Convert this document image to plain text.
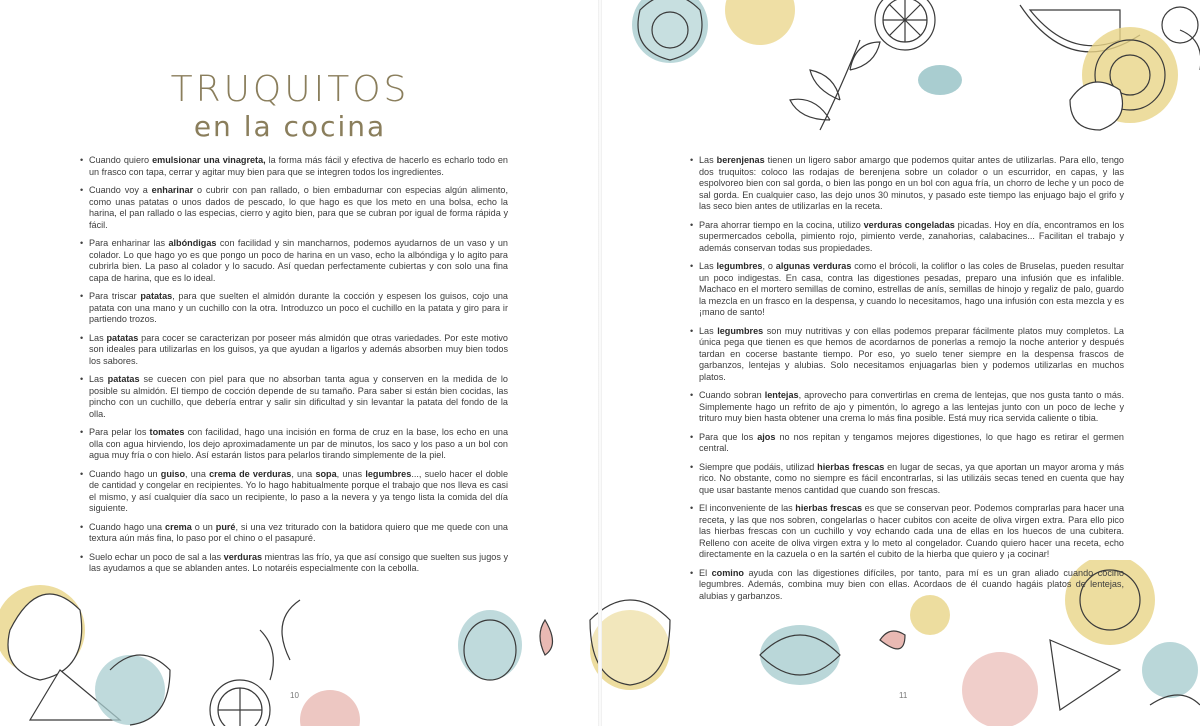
TRUQUITOS
en la cocina
• Cuando quiero emulsionar una vinagreta, la forma más fácil y efectiva de hacerlo es echarlo todo en un frasco con tapa, cerrar y agitar muy bien para que se integren todos los ingredientes.
• Cuando voy a enharinar o cubrir con pan rallado, o bien embadurnar con especias algún alimento, como unas patatas o unos dados de pescado, lo que hago es que los meto en una bolsa, echo la harina, el pan rallado o las especias, cierro y agito bien, para que se cubran por igual de forma rápida y fácil.
• Para enharinar las albóndigas con facilidad y sin mancharnos, podemos ayudarnos de un vaso y un colador. Lo que hago yo es que pongo un poco de harina en un vaso, echo la albóndiga y lo agito para cubrirla bien. La paso al colador y lo sacudo. Así quedan perfectamente cubiertas y con solo una fina capa de harina, que es lo ideal.
• Para triscar patatas, para que suelten el almidón durante la cocción y espesen los guisos, cojo una patata con una mano y un cuchillo con la otra. Introduzco un poco el cuchillo en la patata y giro para ir partiendo trozos.
• Las patatas para cocer se caracterizan por poseer más almidón que otras variedades. Por este motivo son ideales para utilizarlas en los guisos, ya que ayudan a ligarlos y además absorben muy bien todos los sabores.
• Las patatas se cuecen con piel para que no absorban tanta agua y conserven en la medida de lo posible su almidón. El tiempo de cocción depende de su tamaño. Para saber si están bien cocidas, las pincho con un cuchillo, que debería entrar y salir sin dificultad y sin levantar la patata del fondo de la olla.
• Para pelar los tomates con facilidad, hago una incisión en forma de cruz en la base, los echo en una olla con agua hirviendo, los dejo aproximadamente un par de minutos, los saco y los paso a un bol con agua muy fría o con hielo. Así estarán listos para pelarlos tirando simplemente de la piel.
• Cuando hago un guiso, una crema de verduras, una sopa, unas legumbres..., suelo hacer el doble de cantidad y congelar en recipientes. Yo lo hago habitualmente porque el trabajo que nos lleva es casi el mismo, y así cualquier día saco un recipiente, lo paso a la nevera y ya tengo lista la comida del día siguiente.
• Cuando hago una crema o un puré, si una vez triturado con la batidora quiero que me quede con una textura aún más fina, lo paso por el chino o el pasapuré.
• Suelo echar un poco de sal a las verduras mientras las frío, ya que así consigo que suelten sus jugos y las ayudamos a que se ablanden antes. Lo notaréis especialmente con la cebolla.
• Las berenjenas tienen un ligero sabor amargo que podemos quitar antes de utilizarlas. Para ello, tengo dos truquitos: coloco las rodajas de berenjena sobre un colador o un escurridor, en capas, y las espolvoreo bien con sal gorda, o bien las pongo en un bol con agua fría, un chorro de leche y un poco de sal gorda. En cualquier caso, las dejo unos 30 minutos, y pasado este tiempo las enjuago bajo el grifo y las seco bien antes de utilizarlas en la receta.
• Para ahorrar tiempo en la cocina, utilizo verduras congeladas picadas. Hoy en día, encontramos en los supermercados cebolla, pimiento rojo, pimiento verde, zanahorias, calabacines... Facilitan el trabajo y además conservan todas sus propiedades.
• Las legumbres, o algunas verduras como el brócoli, la coliflor o las coles de Bruselas, pueden resultar un poco indigestas. En casa, contra las digestiones pesadas, preparo una infusión que es infalible. Machaco en el mortero semillas de comino, estrellas de anís, semillas de hinojo y regaliz de palo, guardo la mezcla en un frasco en la despensa, y cuando lo necesitamos, hago una infusión con esta mezcla y es ¡mano de santo!
• Las legumbres son muy nutritivas y con ellas podemos preparar fácilmente platos muy completos. La única pega que tienen es que hemos de acordarnos de ponerlas a remojo la noche anterior y después tardan en cocerse bastante tiempo. Por eso, yo suelo tener siempre en la despensa frascos de garbanzos, lentejas y alubias. Solo necesitamos enjuagarlas bien y podemos utilizarlas en muchos platos.
• Cuando sobran lentejas, aprovecho para convertirlas en crema de lentejas, que nos gusta tanto o más. Simplemente hago un refrito de ajo y pimentón, lo agrego a las lentejas junto con un poco de leche y trituro muy bien hasta obtener una crema lo más fina posible. Está muy rica servida caliente o tibia.
• Para que los ajos no nos repitan y tengamos mejores digestiones, lo que hago es retirar el germen central.
• Siempre que podáis, utilizad hierbas frescas en lugar de secas, ya que aportan un mayor aroma y más rico. No obstante, como no siempre es fácil encontrarlas, si las utilizáis secas tened en cuenta que hay que usar bastante menos cantidad que cuando son frescas.
• El inconveniente de las hierbas frescas es que se conservan peor. Podemos comprarlas para hacer una receta, y las que nos sobren, congelarlas o hacer cubitos con aceite de oliva virgen extra. Para ello pico las hierbas frescas con un cuchillo y voy echando cada una de ellas en los huecos de una cubitera. Relleno con aceite de oliva virgen extra y lo meto al congelador. Cuando quiero hacer una receta, echo directamente en la cazuela o en la sartén el cubito de la hierba que quiero y ¡a cocinar!
• El comino ayuda con las digestiones difíciles, por tanto, para mí es un gran aliado cuando cocino legumbres. Además, combina muy bien con ellas. Acordaos de él cuando hagáis platos de lentejas, alubias y garbanzos.
10	11
